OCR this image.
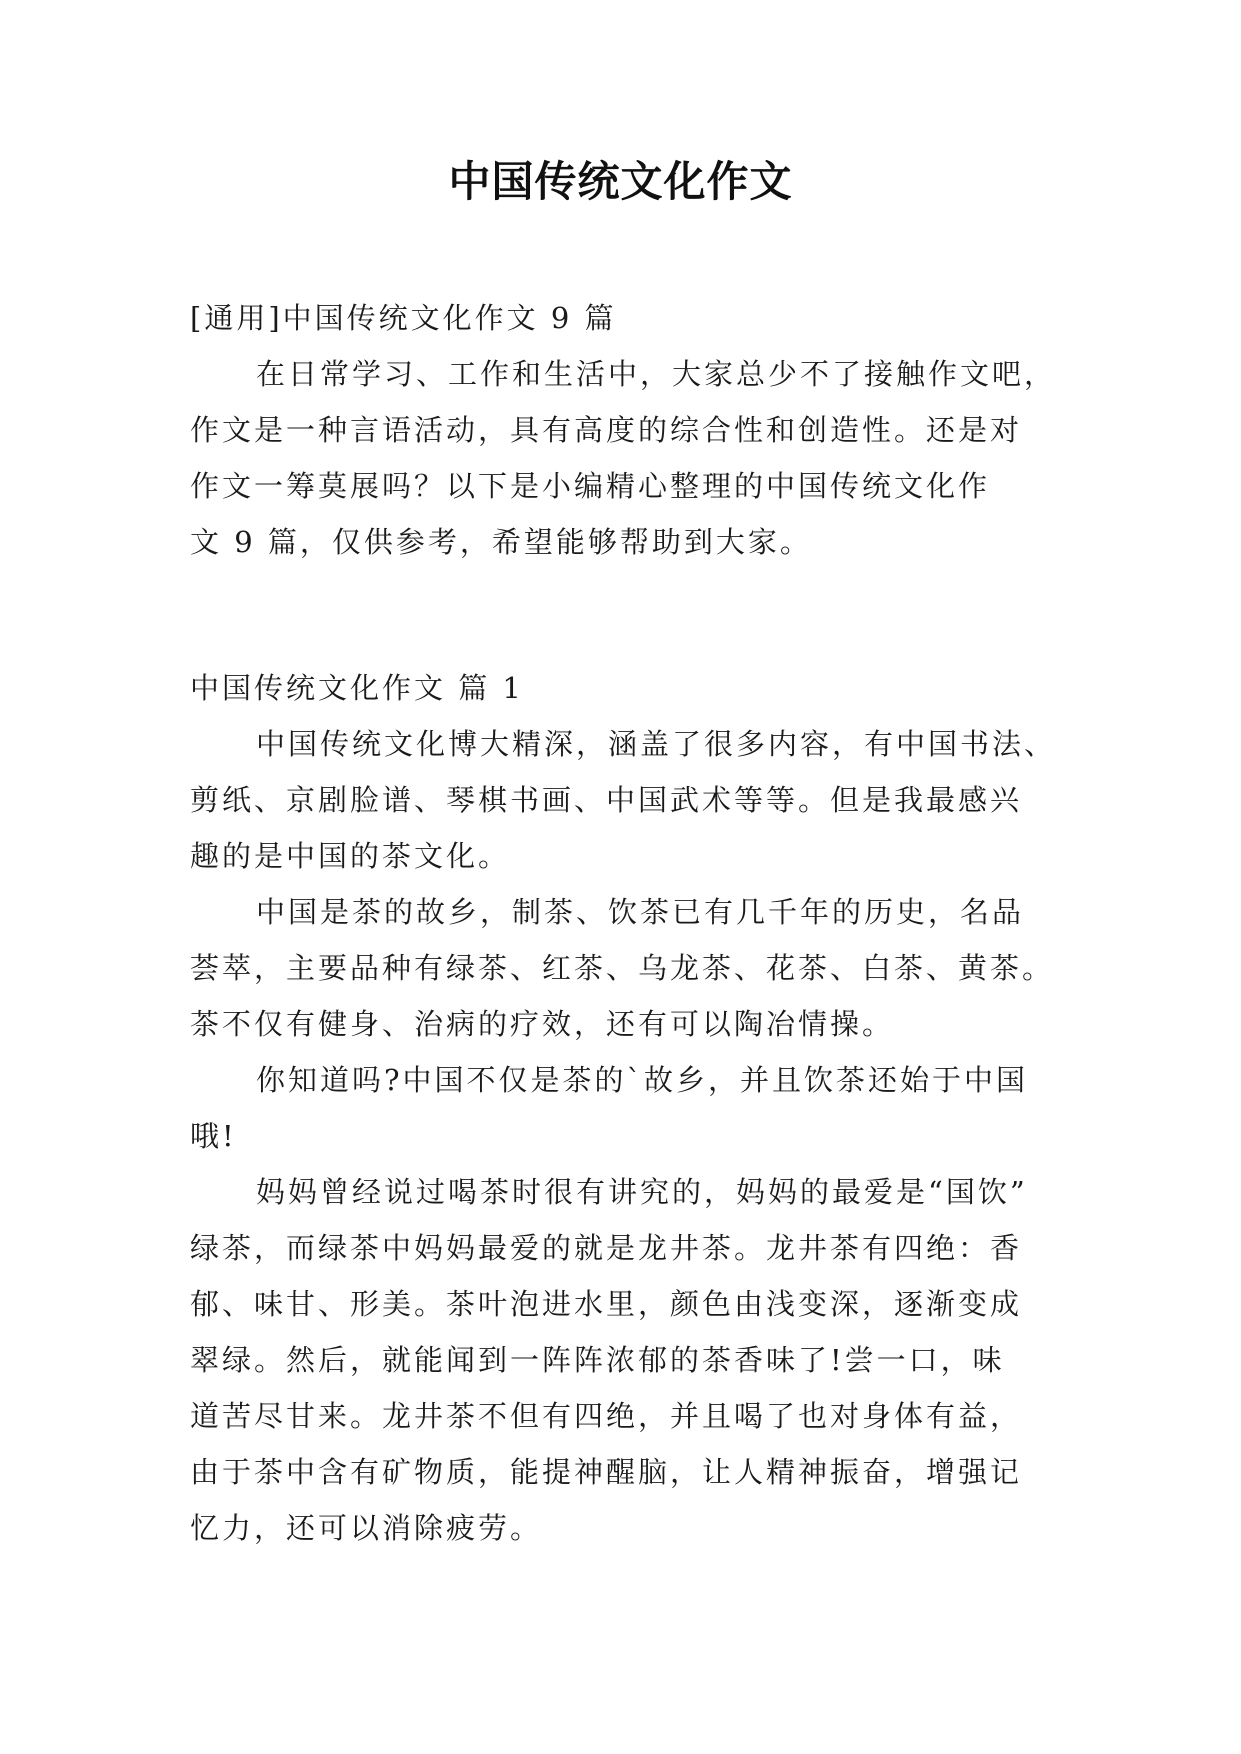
中国传统文化作文
[通用]中国传统文化作文 9 篇
在日常学习、工作和生活中，大家总少不了接触作文吧，
作文是一种言语活动，具有高度的综合性和创造性。还是对
作文一筹莫展吗？以下是小编精心整理的中国传统文化作
文 9 篇，仅供参考，希望能够帮助到大家。
中国传统文化作文 篇 1
中国传统文化博大精深，涵盖了很多内容，有中国书法、
剪纸、京剧脸谱、琴棋书画、中国武术等等。但是我最感兴
趣的是中国的茶文化。
中国是茶的故乡，制茶、饮茶已有几千年的历史，名品
荟萃，主要品种有绿茶、红茶、乌龙茶、花茶、白茶、黄茶。
茶不仅有健身、治病的疗效，还有可以陶冶情操。
你知道吗?中国不仅是茶的`故乡，并且饮茶还始于中国
哦!
妈妈曾经说过喝茶时很有讲究的，妈妈的最爱是“国饮”
绿茶，而绿茶中妈妈最爱的就是龙井茶。龙井茶有四绝：香
郁、味甘、形美。茶叶泡进水里，颜色由浅变深，逐渐变成
翠绿。然后，就能闻到一阵阵浓郁的茶香味了!尝一口，味
道苦尽甘来。龙井茶不但有四绝，并且喝了也对身体有益，
由于茶中含有矿物质，能提神醒脑，让人精神振奋，增强记
忆力，还可以消除疲劳。
